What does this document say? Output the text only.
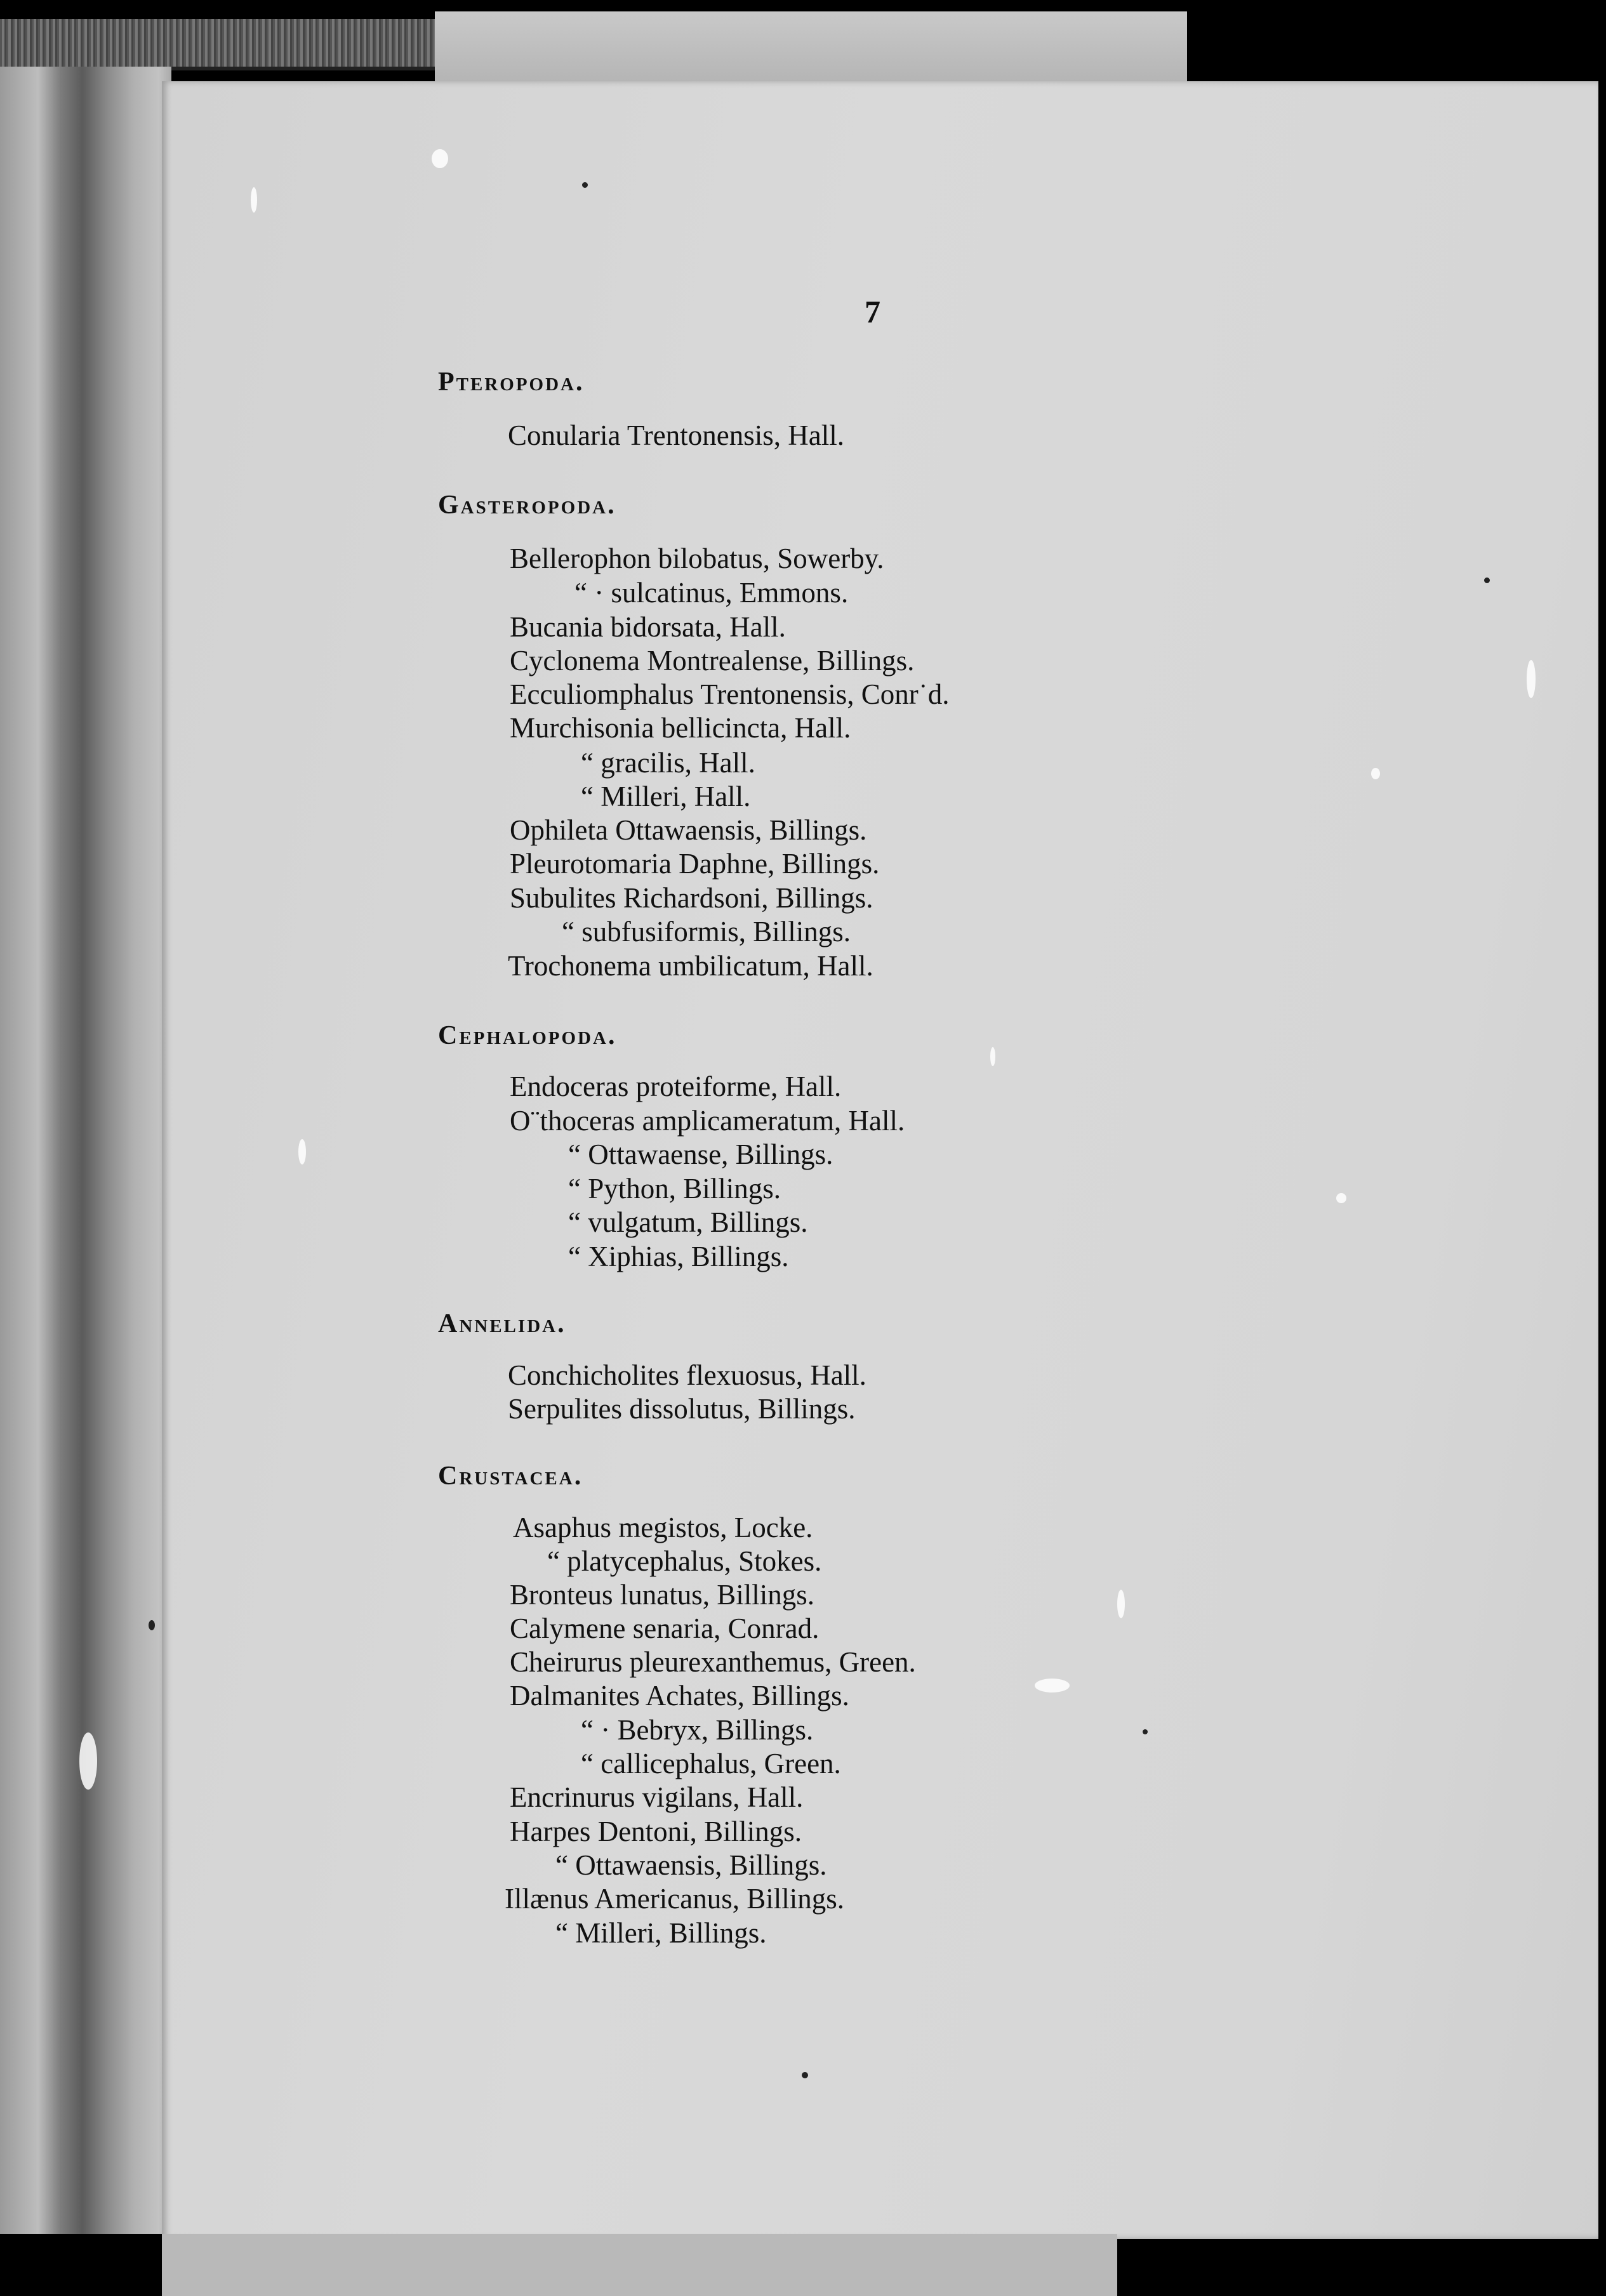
7
Pteropoda.
Conularia Trentonensis, Hall.
Gasteropoda.
Bellerophon bilobatus, Sowerby.
“ · sulcatinus, Emmons.
Bucania bidorsata, Hall.
Cyclonema Montrealense, Billings.
Ecculiomphalus Trentonensis, Conr˙d.
Murchisonia bellicincta, Hall.
“ gracilis, Hall.
“ Milleri, Hall.
Ophileta Ottawaensis, Billings.
Pleurotomaria Daphne, Billings.
Subulites Richardsoni, Billings.
“ subfusiformis, Billings.
Trochonema umbilicatum, Hall.
Cephalopoda.
Endoceras proteiforme, Hall.
O¨thoceras amplicameratum, Hall.
“ Ottawaense, Billings.
“ Python, Billings.
“ vulgatum, Billings.
“ Xiphias, Billings.
Annelida.
Conchicholites flexuosus, Hall.
Serpulites dissolutus, Billings.
Crustacea.
Asaphus megistos, Locke.
“ platycephalus, Stokes.
Bronteus lunatus, Billings.
Calymene senaria, Conrad.
Cheirurus pleurexanthemus, Green.
Dalmanites Achates, Billings.
“ · Bebryx, Billings.
“ callicephalus, Green.
Encrinurus vigilans, Hall.
Harpes Dentoni, Billings.
“ Ottawaensis, Billings.
Illænus Americanus, Billings.
“ Milleri, Billings.
